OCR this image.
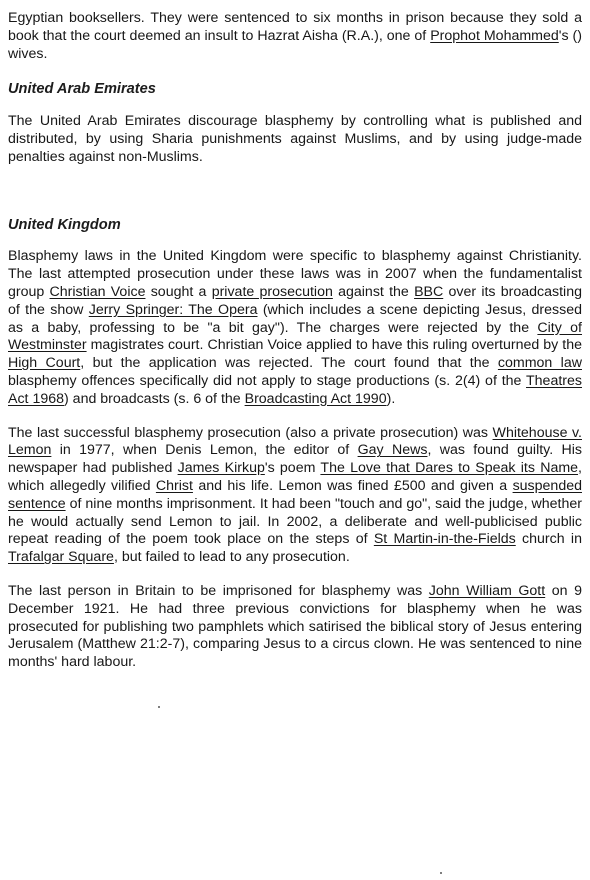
Egyptian booksellers. They were sentenced to six months in prison because they sold a book that the court deemed an insult to Hazrat Aisha (R.A.), one of Prophot Mohammed's () wives.

United Arab Emirates

The United Arab Emirates discourage blasphemy by controlling what is published and distributed, by using Sharia punishments against Muslims, and by using judge-made penalties against non-Muslims.

United Kingdom

Blasphemy laws in the United Kingdom were specific to blasphemy against Christianity. The last attempted prosecution under these laws was in 2007 when the fundamentalist group Christian Voice sought a private prosecution against the BBC over its broadcasting of the show Jerry Springer: The Opera (which includes a scene depicting Jesus, dressed as a baby, professing to be "a bit gay"). The charges were rejected by the City of Westminster magistrates court. Christian Voice applied to have this ruling overturned by the High Court, but the application was rejected. The court found that the common law blasphemy offences specifically did not apply to stage productions (s. 2(4) of the Theatres Act 1968) and broadcasts (s. 6 of the Broadcasting Act 1990).

The last successful blasphemy prosecution (also a private prosecution) was Whitehouse v. Lemon in 1977, when Denis Lemon, the editor of Gay News, was found guilty. His newspaper had published James Kirkup's poem The Love that Dares to Speak its Name, which allegedly vilified Christ and his life. Lemon was fined £500 and given a suspended sentence of nine months imprisonment. It had been "touch and go", said the judge, whether he would actually send Lemon to jail. In 2002, a deliberate and well-publicised public repeat reading of the poem took place on the steps of St Martin-in-the-Fields church in Trafalgar Square, but failed to lead to any prosecution.

The last person in Britain to be imprisoned for blasphemy was John William Gott on 9 December 1921. He had three previous convictions for blasphemy when he was prosecuted for publishing two pamphlets which satirised the biblical story of Jesus entering Jerusalem (Matthew 21:2-7), comparing Jesus to a circus clown. He was sentenced to nine months' hard labour.
